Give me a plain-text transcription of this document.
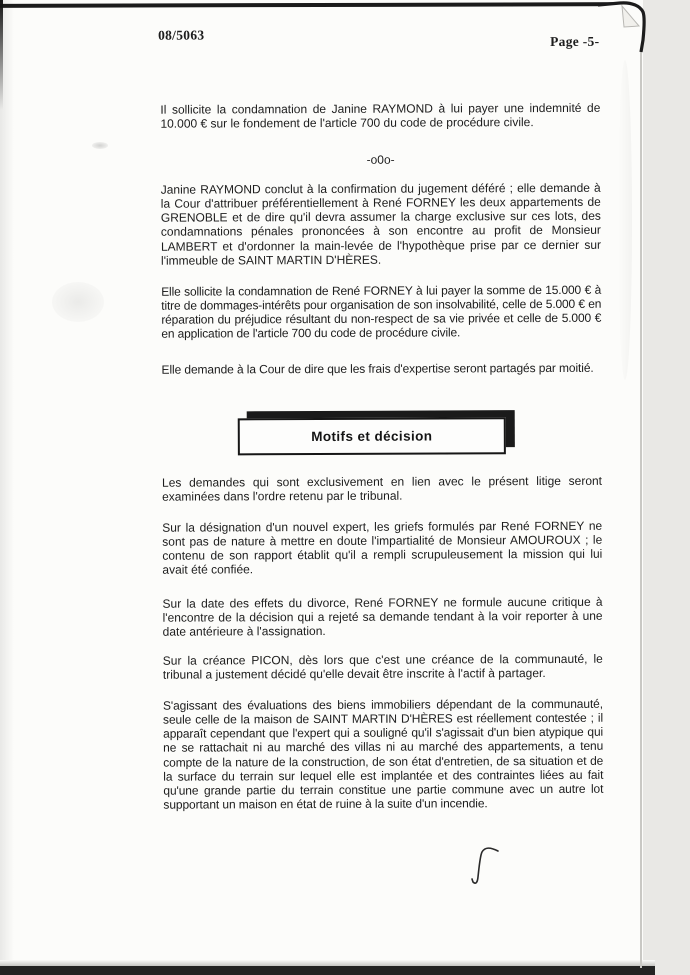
08/5063	Page -5-

Il sollicite la condamnation de Janine RAYMOND à lui payer une indemnité de 10.000 € sur le fondement de l'article 700 du code de procédure civile.

-o0o-

Janine RAYMOND conclut à la confirmation du jugement déféré ; elle demande à la Cour d'attribuer préférentiellement à René FORNEY les deux appartements de GRENOBLE et de dire qu'il devra assumer la charge exclusive sur ces lots, des condamnations pénales prononcées à son encontre au profit de Monsieur LAMBERT et d'ordonner la main-levée de l'hypothèque prise par ce dernier sur l'immeuble de SAINT MARTIN D'HÈRES.

Elle sollicite la condamnation de René FORNEY à lui payer la somme de 15.000 € à titre de dommages-intérêts pour organisation de son insolvabilité, celle de 5.000 € en réparation du préjudice résultant du non-respect de sa vie privée et celle de 5.000 € en application de l'article 700 du code de procédure civile.

Elle demande à la Cour de dire que les frais d'expertise seront partagés par moitié.

Motifs et décision

Les demandes qui sont exclusivement en lien avec le présent litige seront examinées dans l'ordre retenu par le tribunal.

Sur la désignation d'un nouvel expert, les griefs formulés par René FORNEY ne sont pas de nature à mettre en doute l'impartialité de Monsieur AMOUROUX ; le contenu de son rapport établit qu'il a rempli scrupuleusement la mission qui lui avait été confiée.

Sur la date des effets du divorce, René FORNEY ne formule aucune critique à l'encontre de la décision qui a rejeté sa demande tendant à la voir reporter à une date antérieure à l'assignation.

Sur la créance PICON, dès lors que c'est une créance de la communauté, le tribunal a justement décidé qu'elle devait être inscrite à l'actif à partager.

S'agissant des évaluations des biens immobiliers dépendant de la communauté, seule celle de la maison de SAINT MARTIN D'HÈRES est réellement contestée ; il apparaît cependant que l'expert qui a souligné qu'il s'agissait d'un bien atypique qui ne se rattachait ni au marché des villas ni au marché des appartements, a tenu compte de la nature de la construction, de son état d'entretien, de sa situation et de la surface du terrain sur lequel elle est implantée et des contraintes liées au fait qu'une grande partie du terrain constitue une partie commune avec un autre lot supportant un maison en état de ruine à la suite d'un incendie.
